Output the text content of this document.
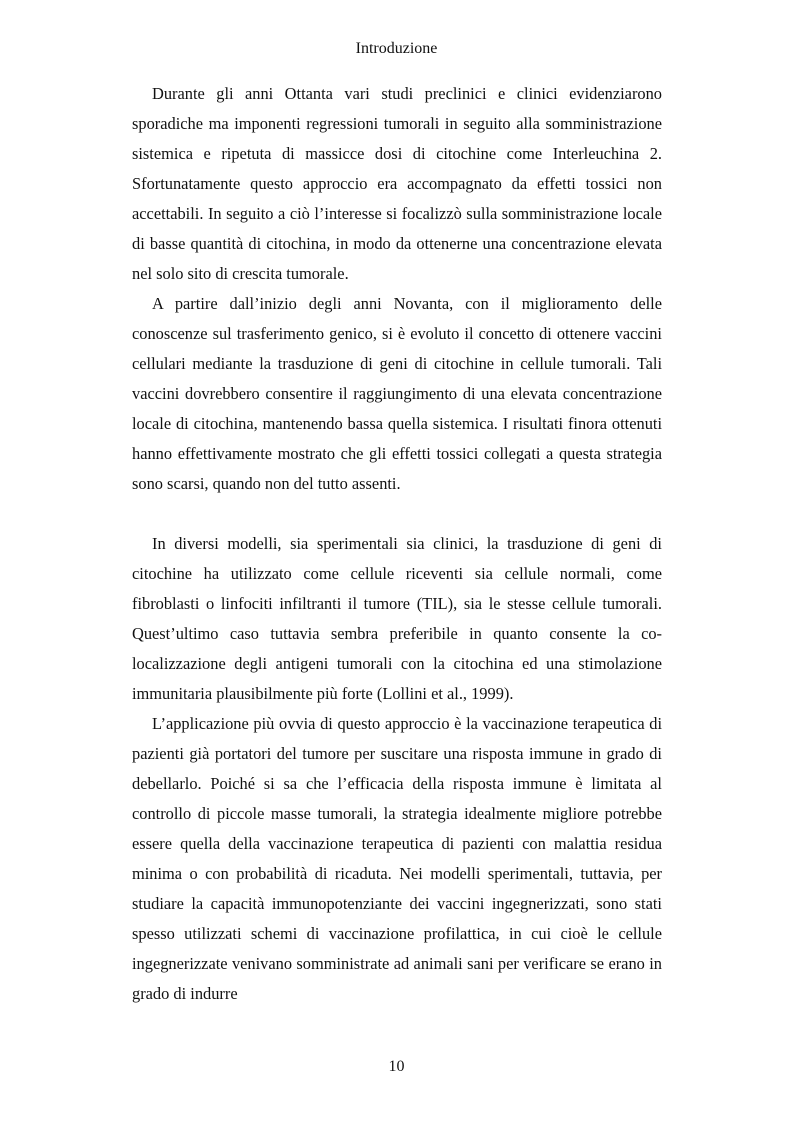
Introduzione

Durante gli anni Ottanta vari studi preclinici e clinici evidenziarono sporadiche ma imponenti regressioni tumorali in seguito alla somministrazione sistemica e ripetuta di massicce dosi di citochine come Interleuchina 2. Sfortunatamente questo approccio era accompagnato da effetti tossici non accettabili. In seguito a ciò l’interesse si focalizzò sulla somministrazione locale di basse quantità di citochina, in modo da ottenerne una concentrazione elevata nel solo sito di crescita tumorale.

A partire dall’inizio degli anni Novanta, con il miglioramento delle conoscenze sul trasferimento genico, si è evoluto il concetto di ottenere vaccini cellulari mediante la trasduzione di geni di citochine in cellule tumorali. Tali vaccini dovrebbero consentire il raggiungimento di una elevata concentrazione locale di citochina, mantenendo bassa quella sistemica. I risultati finora ottenuti hanno effettivamente mostrato che gli effetti tossici collegati a questa strategia sono scarsi, quando non del tutto assenti.

In diversi modelli, sia sperimentali sia clinici, la trasduzione di geni di citochine ha utilizzato come cellule riceventi sia cellule normali, come fibroblasti o linfociti infiltranti il tumore (TIL), sia le stesse cellule tumorali. Quest’ultimo caso tuttavia sembra preferibile in quanto consente la co-localizzazione degli antigeni tumorali con la citochina ed una stimolazione immunitaria plausibilmente più forte (Lollini et al., 1999).

L’applicazione più ovvia di questo approccio è la vaccinazione terapeutica di pazienti già portatori del tumore per suscitare una risposta immune in grado di debellarlo. Poiché si sa che l’efficacia della risposta immune è limitata al controllo di piccole masse tumorali, la strategia idealmente migliore potrebbe essere quella della vaccinazione terapeutica di pazienti con malattia residua minima o con probabilità di ricaduta. Nei modelli sperimentali, tuttavia, per studiare la capacità immunopotenziante dei vaccini ingegnerizzati, sono stati spesso utilizzati schemi di vaccinazione profilattica, in cui cioè le cellule ingegnerizzate venivano somministrate ad animali sani per verificare se erano in grado di indurre

10
